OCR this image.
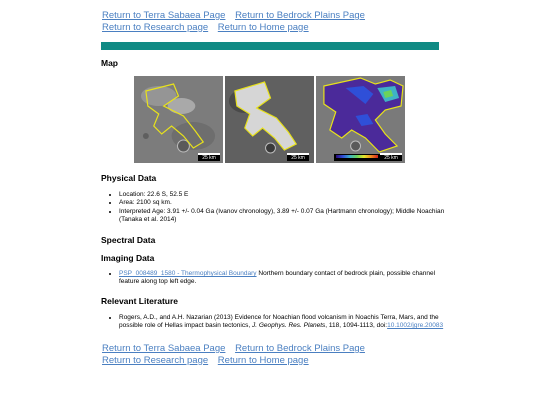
Return to Terra Sabaea Page Return to Bedrock Plains Page
Return to Research page Return to Home page
Map
25 km	25 km	25 km
Physical Data
• Location: 22.6 S, 52.5 E
• Area: 2100 sq km.
• Interpreted Age: 3.91 +/- 0.04 Ga (Ivanov chronology), 3.89 +/- 0.07 Ga (Hartmann chronology); Middle Noachian (Tanaka et al. 2014)
Spectral Data
Imaging Data
• PSP_008489_1580 - Thermophysical Boundary Northern boundary contact of bedrock plain, possible channel feature along top left edge.
Relevant Literature
• Rogers, A.D., and A.H. Nazarian (2013) Evidence for Noachian flood volcanism in Noachis Terra, Mars, and the possible role of Hellas impact basin tectonics, J. Geophys. Res. Planets, 118, 1094-1113, doi:10.1002/jgre.20083
Return to Terra Sabaea Page Return to Bedrock Plains Page
Return to Research page Return to Home page
